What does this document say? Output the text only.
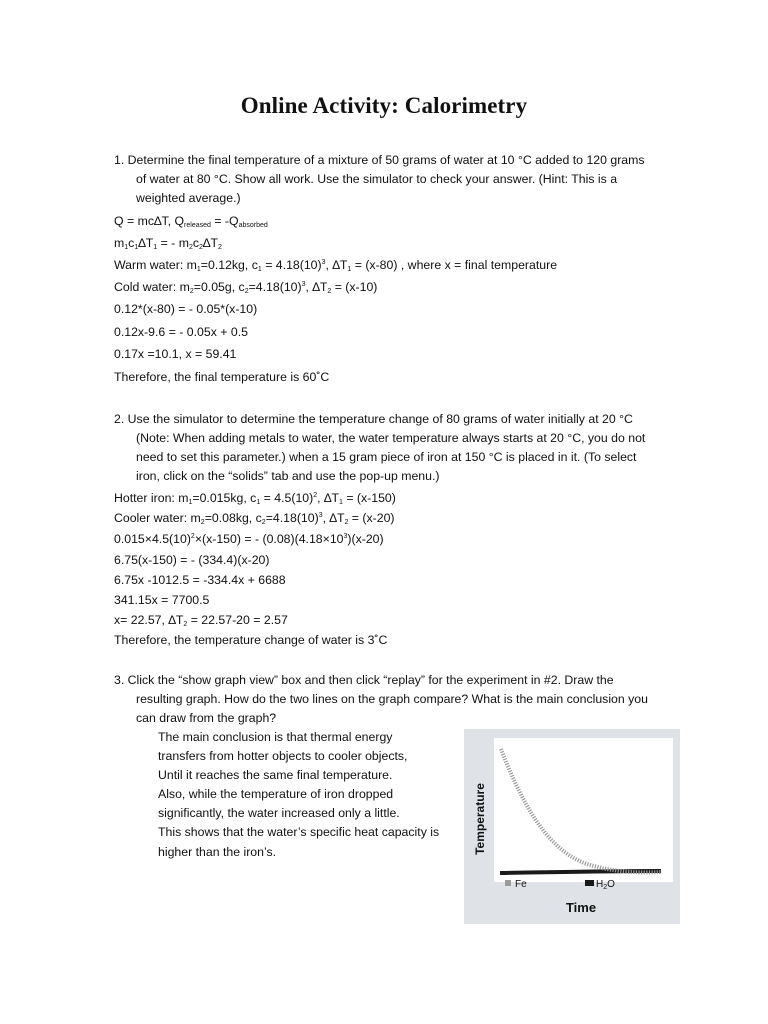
Online Activity: Calorimetry
1. Determine the final temperature of a mixture of 50 grams of water at 10 °C added to 120 grams
of water at 80 °C. Show all work. Use the simulator to check your answer. (Hint: This is a
weighted average.)
Q = mc∆T, $Q_{released} = -Q_{absorbed}$
$m_1c_1\Delta T_1$ = - $m_2c_2\Delta T_2$
Warm water: $m_1=0.12kg$, $c_1 = 4.18(10)^3$, $\Delta T_1 = (x-80)$ , where x = final temperature
Cold water: $m_2=0.05g$, $c_2=4.18(10)^3$, $\Delta T_2 = (x-10)$
0.12*(x-80) = - 0.05*(x-10)
0.12x-9.6 = - 0.05x + 0.5
0.17x =10.1, x = 59.41
Therefore, the final temperature is 60˚C
2. Use the simulator to determine the temperature change of 80 grams of water initially at 20 °C
(Note: When adding metals to water, the water temperature always starts at 20 °C, you do not
need to set this parameter.) when a 15 gram piece of iron at 150 °C is placed in it. (To select
iron, click on the “solids” tab and use the pop-up menu.)
Hotter iron: $m_1=0.015kg$, $c_1 = 4.5(10)^2$, $\Delta T_1 = (x-150)$
Cooler water: $m_2=0.08kg$, $c_2=4.18(10)^3$, $\Delta T_2 = (x-20)$
$0.015\times 4.5(10)^2\times(x-150)$ = - $(0.08)(4.18\times 10^3)(x-20)$
6.75(x-150) = - (334.4)(x-20)
6.75x -1012.5 = -334.4x + 6688
341.15x = 7700.5
x= 22.57, $\Delta T_2 = 22.57-20 = 2.57$
Therefore, the temperature change of water is 3˚C
3. Click the “show graph view” box and then click “replay” for the experiment in #2. Draw the
resulting graph. How do the two lines on the graph compare? What is the main conclusion you
can draw from the graph?
The main conclusion is that thermal energy
transfers from hotter objects to cooler objects,
Until it reaches the same final temperature.
Also, while the temperature of iron dropped
significantly, the water increased only a little.
This shows that the water’s specific heat capacity is
higher than the iron’s.	Temperature
Time
Fe	$H_2O$
